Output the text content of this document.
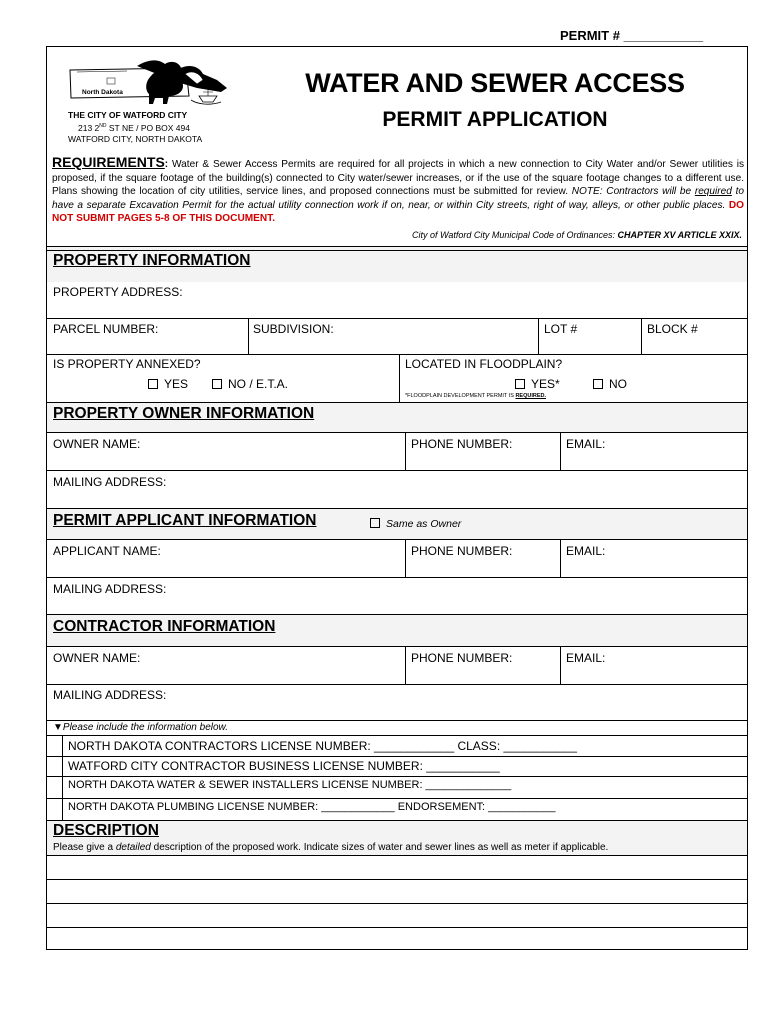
PERMIT # ___________
North Dakota
THE CITY OF WATFORD CITY
213 2ND ST NE / PO BOX 494
WATFORD CITY, NORTH DAKOTA
WATER AND SEWER ACCESS
PERMIT APPLICATION
REQUIREMENTS: Water & Sewer Access Permits are required for all projects in which a new connection to City Water and/or Sewer utilities is proposed, if the square footage of the building(s) connected to City water/sewer increases, or if the use of the square footage changes to a different use. Plans showing the location of city utilities, service lines, and proposed connections must be submitted for review. NOTE: Contractors will be required to have a separate Excavation Permit for the actual utility connection work if on, near, or within City streets, right of way, alleys, or other public places. DO NOT SUBMIT PAGES 5-8 OF THIS DOCUMENT.
City of Watford City Municipal Code of Ordinances: CHAPTER XV ARTICLE XXIX.
PROPERTY INFORMATION
PROPERTY ADDRESS:
PARCEL NUMBER:	SUBDIVISION:	LOT #	BLOCK #
IS PROPERTY ANNEXED?
YES	NO / E.T.A.
LOCATED IN FLOODPLAIN?
YES*	NO
*FLOODPLAIN DEVELOPMENT PERMIT IS REQUIRED.
PROPERTY OWNER INFORMATION
OWNER NAME:	PHONE NUMBER:	EMAIL:
MAILING ADDRESS:
PERMIT APPLICANT INFORMATION	Same as Owner
APPLICANT NAME:	PHONE NUMBER:	EMAIL:
MAILING ADDRESS:
CONTRACTOR INFORMATION
OWNER NAME:	PHONE NUMBER:	EMAIL:
MAILING ADDRESS:
▼Please include the information below.
NORTH DAKOTA CONTRACTORS LICENSE NUMBER: ____________ CLASS: ___________
WATFORD CITY CONTRACTOR BUSINESS LICENSE NUMBER: ___________
NORTH DAKOTA WATER & SEWER INSTALLERS LICENSE NUMBER: ______________
NORTH DAKOTA PLUMBING LICENSE NUMBER: ____________ ENDORSEMENT: ___________
DESCRIPTION
Please give a detailed description of the proposed work. Indicate sizes of water and sewer lines as well as meter if applicable.
